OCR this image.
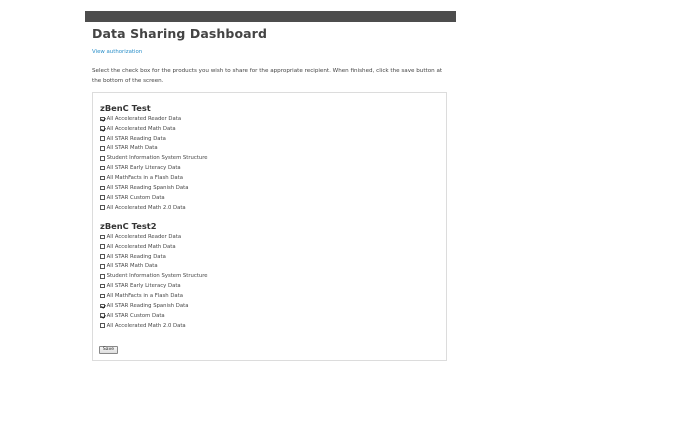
Data Sharing Dashboard
View authorization
Select the check box for the products you wish to share for the appropriate recipient. When finished, click the save button at the bottom of the screen.
zBenC Test
All Accelerated Reader Data
All Accelerated Math Data
All STAR Reading Data
All STAR Math Data
Student Information System Structure
All STAR Early Literacy Data
All MathFacts in a Flash Data
All STAR Reading Spanish Data
All STAR Custom Data
All Accelerated Math 2.0 Data
zBenC Test2
All Accelerated Reader Data
All Accelerated Math Data
All STAR Reading Data
All STAR Math Data
Student Information System Structure
All STAR Early Literacy Data
All MathFacts in a Flash Data
All STAR Reading Spanish Data
All STAR Custom Data
All Accelerated Math 2.0 Data
Save
